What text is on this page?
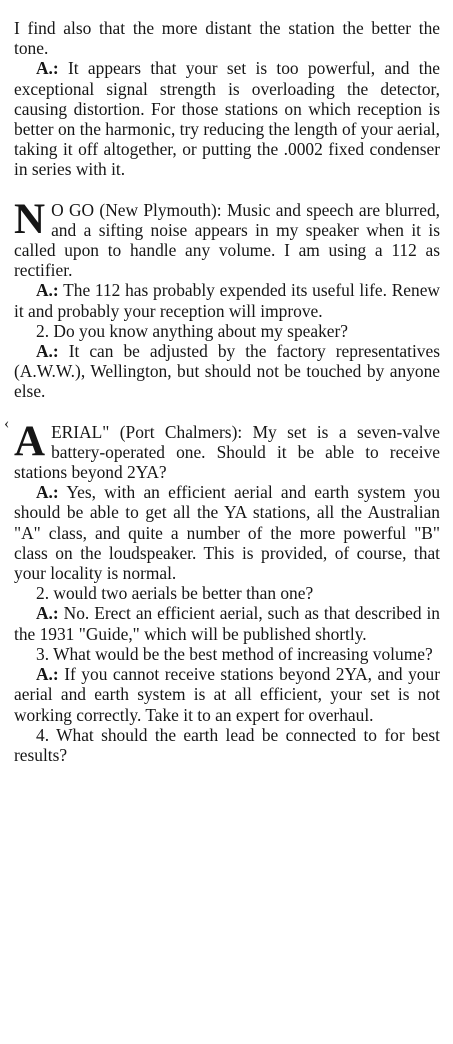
I find also that the more distant the station the better the tone.

A.: It appears that your set is too powerful, and the exceptional signal strength is overloading the detector, causing distortion. For those stations on which reception is better on the harmonic, try reducing the length of your aerial, taking it off altogether, or putting the .0002 fixed condenser in series with it.

N O GO (New Plymouth): Music and speech are blurred, and a sifting noise appears in my speaker when it is called upon to handle any volume. I am using a 112 as rectifier.

A.: The 112 has probably expended its useful life. Renew it and probably your reception will improve.

2. Do you know anything about my speaker?

A.: It can be adjusted by the factory representatives (A.W.W.), Wellington, but should not be touched by anyone else.

‹ AERIAL" (Port Chalmers): My set is a seven-valve battery-operated one. Should it be able to receive stations beyond 2YA?

A.: Yes, with an efficient aerial and earth system you should be able to get all the YA stations, all the Australian "A" class, and quite a number of the more powerful "B" class on the loudspeaker. This is provided, of course, that your locality is normal.

2. would two aerials be better than one?

A.: No. Erect an efficient aerial, such as that described in the 1931 "Guide," which will be published shortly.

3. What would be the best method of increasing volume?

A.: If you cannot receive stations beyond 2YA, and your aerial and earth system is at all efficient, your set is not working correctly. Take it to an expert for overhaul.

4. What should the earth lead be connected to for best results?
